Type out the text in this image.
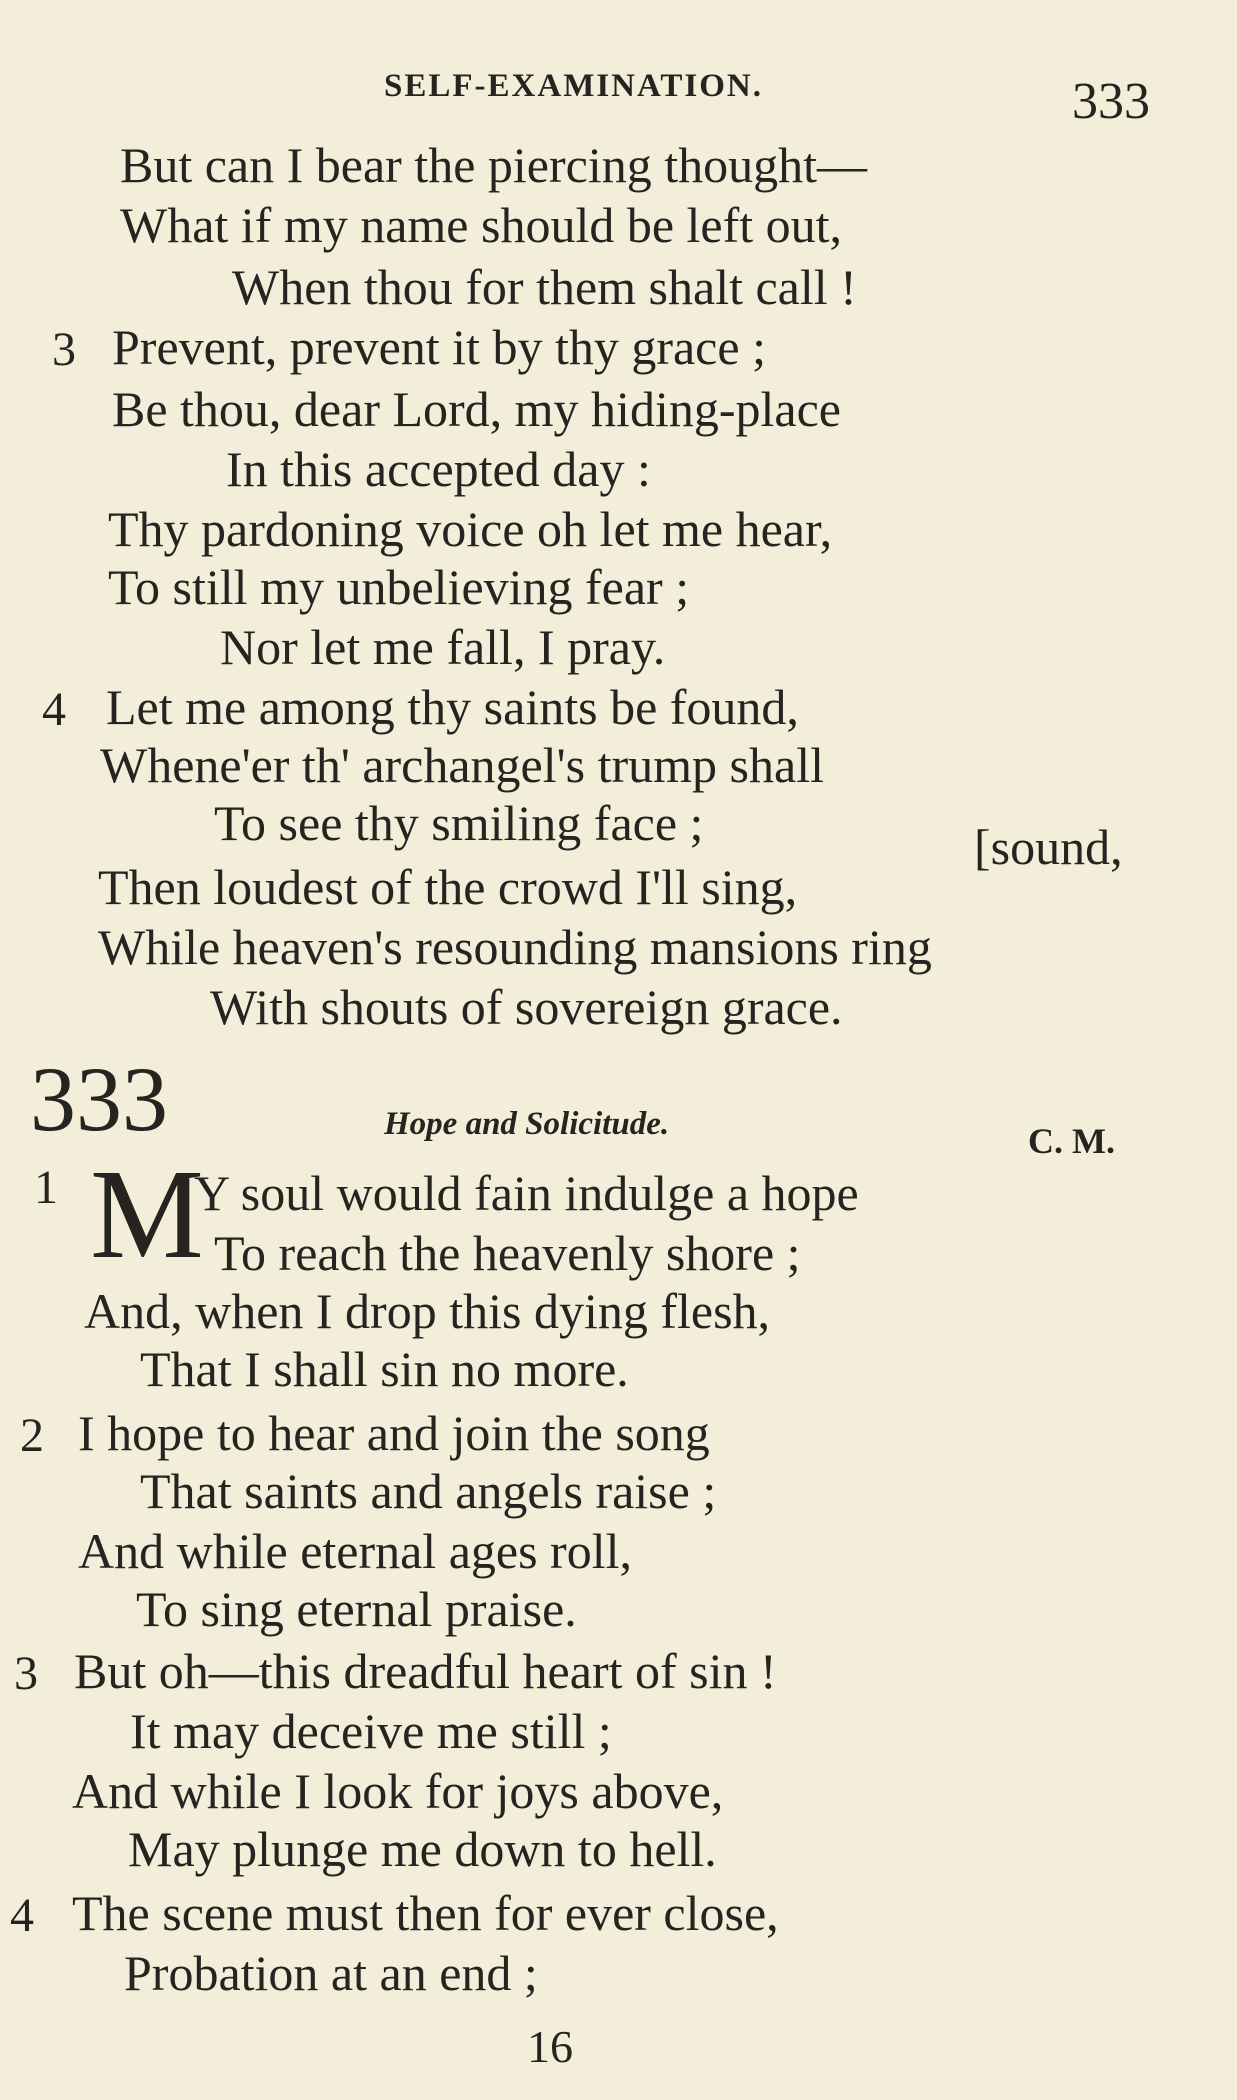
SELF-EXAMINATION.	333
But can I bear the piercing thought—
What if my name should be left out,
When thou for them shalt call !
3 Prevent, prevent it by thy grace ;
Be thou, dear Lord, my hiding-place
In this accepted day :
Thy pardoning voice oh let me hear,
To still my unbelieving fear ;
Nor let me fall, I pray.
4 Let me among thy saints be found,
Whene'er th' archangel's trump shall
To see thy smiling face ;	[sound,
Then loudest of the crowd I'll sing,
While heaven's resounding mansions ring
With shouts of sovereign grace.
333	Hope and Solicitude.	C. M.
1 M
Y soul would fain indulge a hope
To reach the heavenly shore ;
And, when I drop this dying flesh,
That I shall sin no more.
2 I hope to hear and join the song
That saints and angels raise ;
And while eternal ages roll,
To sing eternal praise.
3 But oh—this dreadful heart of sin !
It may deceive me still ;
And while I look for joys above,
May plunge me down to hell.
4 The scene must then for ever close,
Probation at an end ;
16
